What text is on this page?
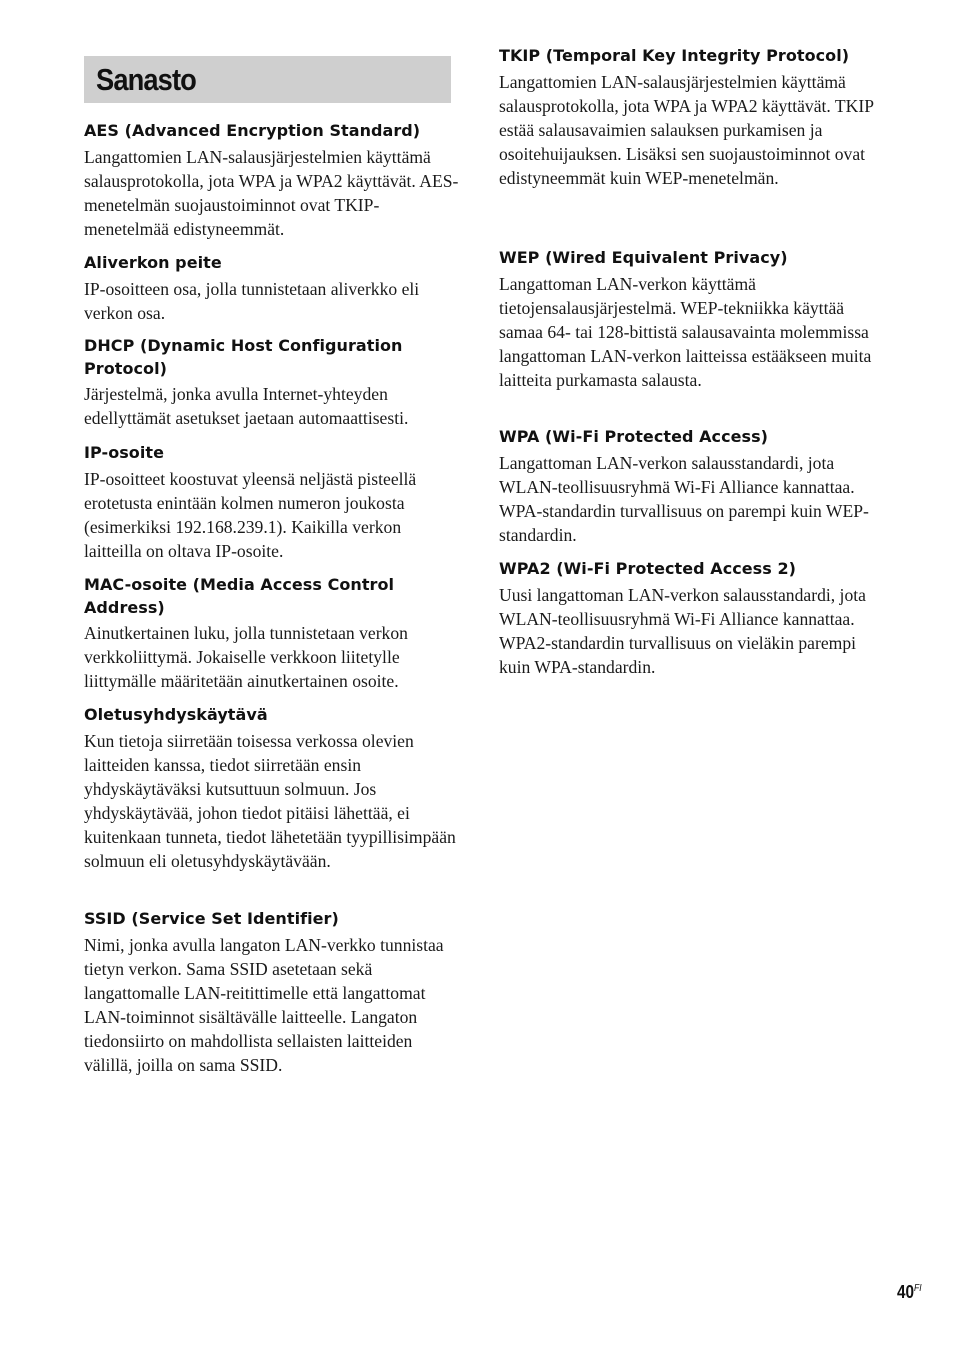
Sanasto

AES (Advanced Encryption Standard)

Langattomien LAN-salausjärjestelmien käyttämä salausprotokolla, jota WPA ja WPA2 käyttävät. AES-menetelmän suojaustoiminnot ovat TKIP-menetelmää edistyneemmät.

Aliverkon peite

IP-osoitteen osa, jolla tunnistetaan aliverkko eli verkon osa.

DHCP (Dynamic Host Configuration Protocol)

Järjestelmä, jonka avulla Internet-yhteyden edellyttämät asetukset jaetaan automaattisesti.

IP-osoite

IP-osoitteet koostuvat yleensä neljästä pisteellä erotetusta enintään kolmen numeron joukosta (esimerkiksi 192.168.239.1). Kaikilla verkon laitteilla on oltava IP-osoite.

MAC-osoite (Media Access Control Address)

Ainutkertainen luku, jolla tunnistetaan verkon verkkoliittymä. Jokaiselle verkkoon liitetylle liittymälle määritetään ainutkertainen osoite.

Oletusyhdyskäytävä

Kun tietoja siirretään toisessa verkossa olevien laitteiden kanssa, tiedot siirretään ensin yhdyskäytäväksi kutsuttuun solmuun. Jos yhdyskäytävää, johon tiedot pitäisi lähettää, ei kuitenkaan tunneta, tiedot lähetetään tyypillisimpään solmuun eli oletusyhdyskäytävään.

SSID (Service Set Identifier)

Nimi, jonka avulla langaton LAN-verkko tunnistaa tietyn verkon. Sama SSID asetetaan sekä langattomalle LAN-reitittimelle että langattomat LAN-toiminnot sisältävälle laitteelle. Langaton tiedonsiirto on mahdollista sellaisten laitteiden välillä, joilla on sama SSID.

TKIP (Temporal Key Integrity Protocol)

Langattomien LAN-salausjärjestelmien käyttämä salausprotokolla, jota WPA ja WPA2 käyttävät. TKIP estää salausavaimien salauksen purkamisen ja osoitehuijauksen. Lisäksi sen suojaustoiminnot ovat edistyneemmät kuin WEP-menetelmän.

WEP (Wired Equivalent Privacy)

Langattoman LAN-verkon käyttämä tietojensalausjärjestelmä. WEP-tekniikka käyttää samaa 64- tai 128-bittistä salausavainta molemmissa langattoman LAN-verkon laitteissa estääkseen muita laitteita purkamasta salausta.

WPA (Wi-Fi Protected Access)

Langattoman LAN-verkon salausstandardi, jota WLAN-teollisuusryhmä Wi-Fi Alliance kannattaa. WPA-standardin turvallisuus on parempi kuin WEP-standardin.

WPA2 (Wi-Fi Protected Access 2)

Uusi langattoman LAN-verkon salausstandardi, jota WLAN-teollisuusryhmä Wi-Fi Alliance kannattaa. WPA2-standardin turvallisuus on vieläkin parempi kuin WPA-standardin.

$40^{FI}$
